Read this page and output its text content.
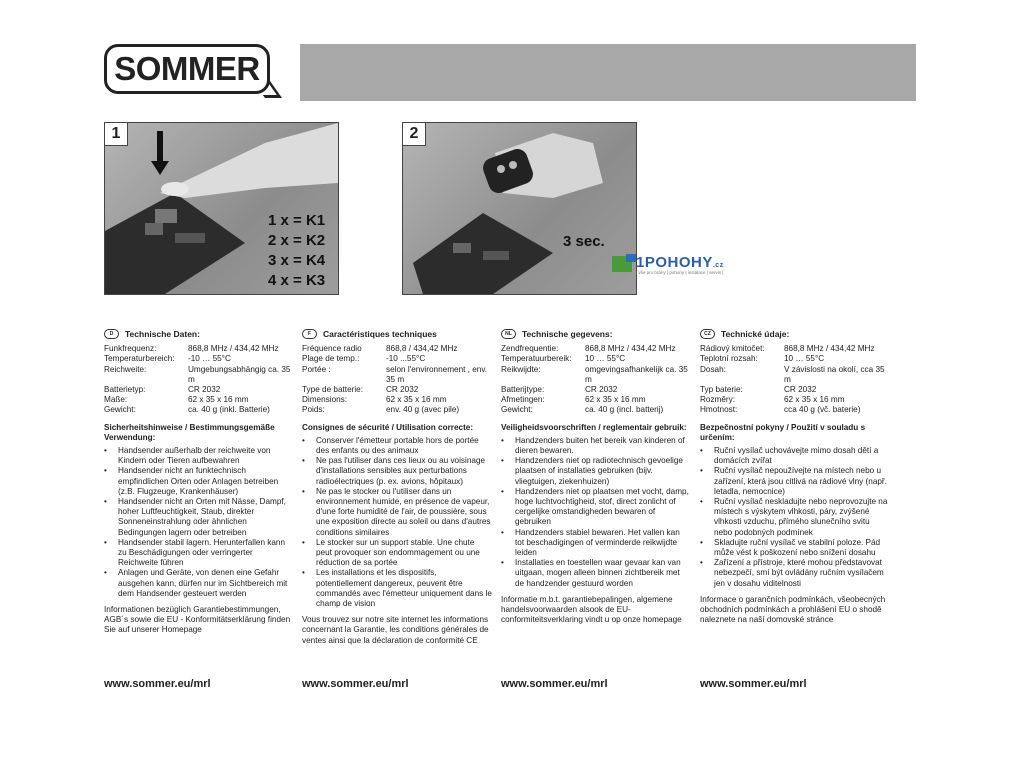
SOMMER
1
1 x = K1
2 x = K2
3 x = K4
4 x = K3
2
3 sec.
1POHOHY.cz
| vše pro brány | pohony | instalace | servis |
D	Technische Daten:
Funkfrequenz:	868,8 MHz / 434,42 MHz
Temperaturbereich:	-10 … 55°C
Reichweite:	Umgebungsabhängig ca. 35 m
Batterietyp:	CR 2032
Maße:	62 x 35 x 16 mm
Gewicht:	ca. 40 g (inkl. Batterie)
Sicherheitshinweise / Bestimmungsgemäße Verwendung:
• Handsender außerhalb der reichweite von Kindern oder Tieren aufbewahren
• Handsender nicht an funktechnisch empfindlichen Orten oder Anlagen betreiben (z.B. Flugzeuge, Krankenhäuser)
• Handsender nicht an Orten mit Nässe, Dampf, hoher Luftfeuchtigkeit, Staub, direkter Sonneneinstrahlung oder ähnlichen Bedingungen lagern oder betreiben
• Handsender stabil lagern. Herunterfallen kann zu Beschädigungen oder verringerter Reichweite führen
• Anlagen und Geräte, von denen eine Gefahr ausgehen kann, dürfen nur im Sichtbereich mit dem Handsender gesteuert werden
Informationen bezüglich Garantiebestimmungen, AGB´s sowie die EU - Konformitätserklärung finden Sie auf unserer Homepage
www.sommer.eu/mrl
F	Caractéristiques techniques
Fréquence radio	868,8 / 434,42 MHz
Plage de temp.:	-10 ...55°C
Portée :	selon l'environnement , env. 35 m
Type de batterie:	CR 2032
Dimensions:	62 x 35 x 16 mm
Poids:	env. 40 g (avec pile)
Consignes de sécurité / Utilisation correcte:
• Conserver l'émetteur portable hors de portée des enfants ou des animaux
• Ne pas l'utiliser dans ces lieux ou au voisinage d'installations sensibles aux perturbations radioélectriques (p. ex. avions, hôpitaux)
• Ne pas le stocker ou l'utiliser dans un environnement humide, en présence de vapeur, d'une forte humidité de l'air, de poussière, sous une exposition directe au soleil ou dans d'autres conditions similaires
• Le stocker sur un support stable. Une chute peut provoquer son endommagement ou une réduction de sa portée
• Les installations et les dispositifs, potentiellement dangereux, peuvent être commandés avec l'émetteur uniquement dans le champ de vision
Vous trouvez sur notre site internet les informations concernant la Garantie, les conditions générales de ventes ainsi que la déclaration de conformité CE
www.sommer.eu/mrl
NL	Technische gegevens:
Zendfrequentie:	868,8 MHz / 434,42 MHz
Temperatuurbereik:	10 … 55°C
Reikwijdte:	omgevingsafhankelijk ca. 35 m
Batterijtype:	CR 2032
Afmetingen:	62 x 35 x 16 mm
Gewicht:	ca. 40 g (incl. batterij)
Veiligheidsvoorschriften / reglementair gebruik:
• Handzenders buiten het bereik van kinderen of dieren bewaren.
• Handzenders niet op radiotechnisch gevoelige plaatsen of installaties gebruiken (bijv. vliegtuigen, ziekenhuizen)
• Handzenders niet op plaatsen met vocht, damp, hoge luchtvochtigheid, stof, direct zonlicht of cergelijke omstandigheden bewaren of gebruiken
• Handzenders stabiel bewaren. Het vallen kan tot beschadigingen of verminderde reikwijdte leiden
• Installaties en toestellen waar gevaar kan van uitgaan, mogen alleen binnen zichtbereik met de handzender gestuurd worden
Informatie m.b.t. garantiebepalingen, algemene handelsvoorwaarden alsook de EU-conformiteitsverklaring vindt u op onze homepage
www.sommer.eu/mrl
CZ	Technické údaje:
Rádiový kmitočet:	868,8 MHz / 434,42 MHz
Teplotní rozsah:	10 … 55°C
Dosah:	V závislosti na okolí, cca 35 m
Typ baterie:	CR 2032
Rozměry:	62 x 35 x 16 mm
Hmotnost:	cca 40 g (vč. baterie)
Bezpečnostní pokyny / Použití v souladu s určením:
• Ruční vysílač uchovávejte mimo dosah dětí a domácích zvířat
• Ruční vysílač nepoužívejte na místech nebo u zařízení, která jsou citlivá na rádiové vlny (např. letadla, nemocnice)
• Ruční vysílač neskladujte nebo neprovozujte na místech s výskytem vlhkosti, páry, zvýšené vlhkosti vzduchu, přímého slunečního svitu nebo podobných podmínek
• Skladujte ruční vysílač ve stabilní poloze. Pád může vést k poškození nebo snížení dosahu
• Zařízení a přístroje, které mohou představovat nebezpečí, smí být ovládány ručním vysílačem jen v dosahu viditelnosti
Informace o garančních podmínkách, všeobecných obchodních podmínkách a prohlášení EU o shodě naleznete na naší domovské stránce
www.sommer.eu/mrl
